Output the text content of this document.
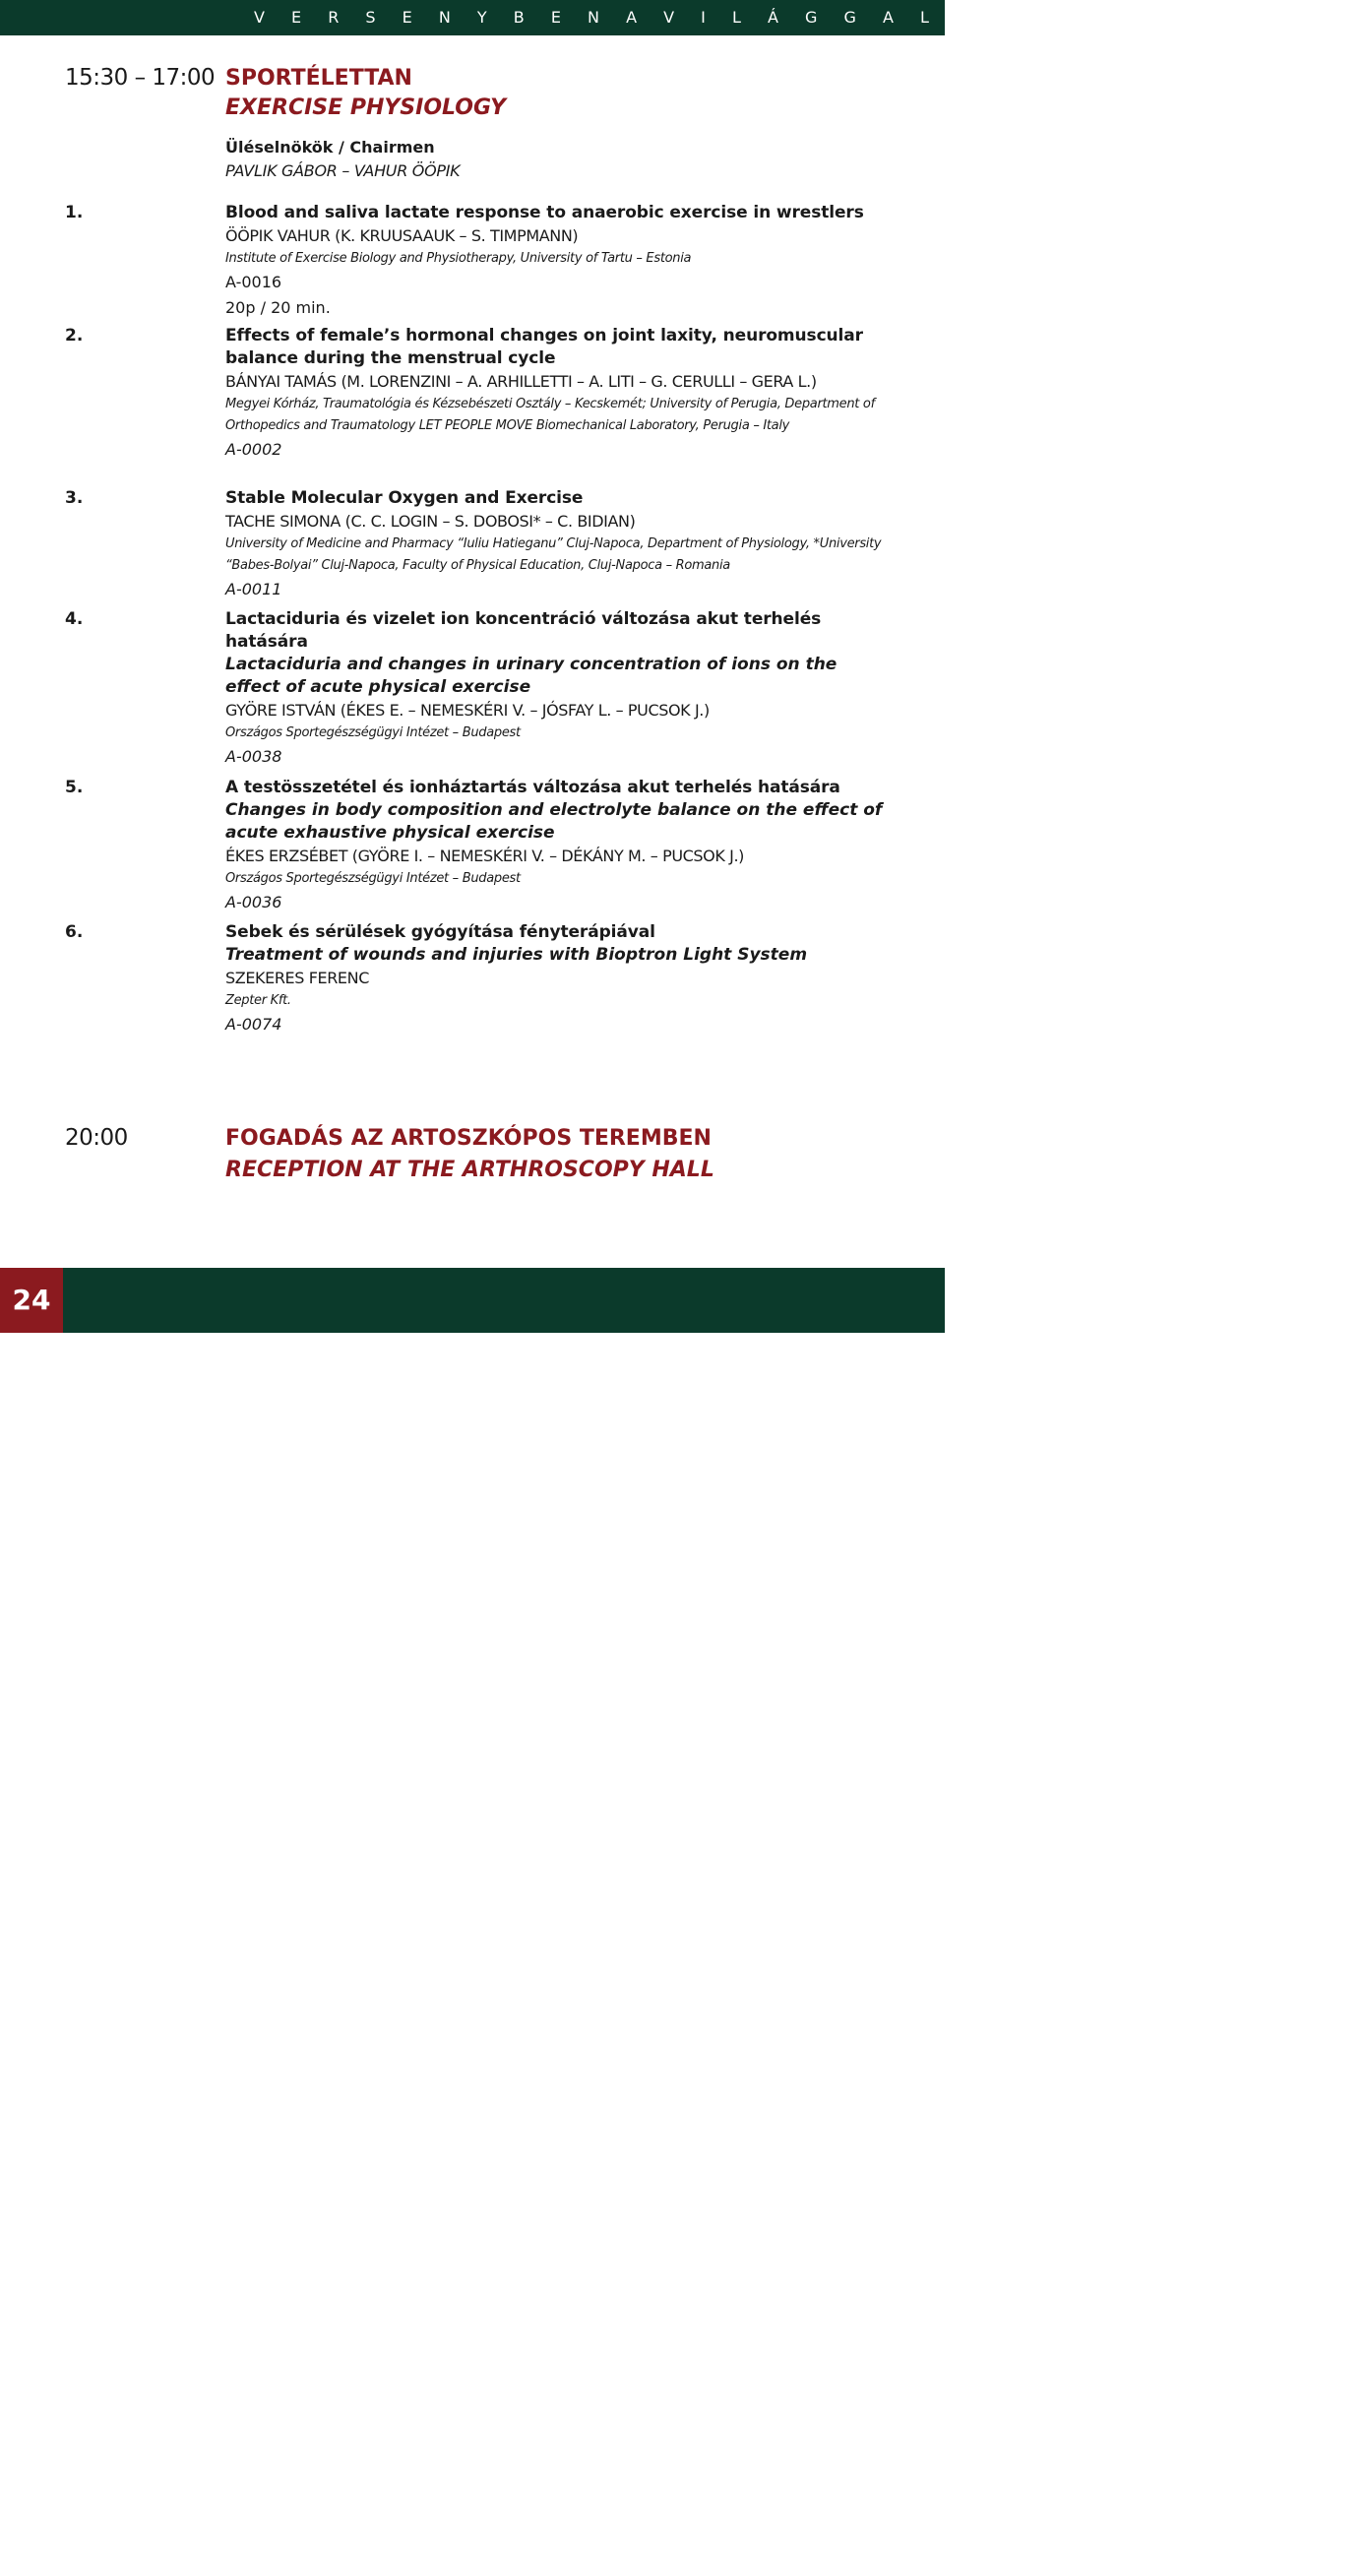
V E R S E N Y B E N A V I L Á G G A L
15:30 – 17:00 SPORTÉLETTAN
EXERCISE PHYSIOLOGY
Üléselnökök / Chairmen
PAVLIK GÁBOR – VAHUR ÖÖPIK
1.	Blood and saliva lactate response to anaerobic exercise in wrestlers

ÖÖPIK VAHUR (K. KRUUSAAUK – S. TIMPMANN)

Institute of Exercise Biology and Physiotherapy, University of Tartu – Estonia

A-0016

20p / 20 min.

2.	Effects of female’s hormonal changes on joint laxity, neuromuscular balance during the menstrual cycle

BÁNYAI TAMÁS (M. LORENZINI – A. ARHILLETTI – A. LITI – G. CERULLI – GERA L.)

Megyei Kórház, Traumatológia és Kézsebészeti Osztály – Kecskemét; University of Perugia, Department of Orthopedics and Traumatology LET PEOPLE MOVE Biomechanical Laboratory, Perugia – Italy

A-0002

3.	Stable Molecular Oxygen and Exercise

TACHE SIMONA (C. C. LOGIN – S. DOBOSI* – C. BIDIAN)

University of Medicine and Pharmacy “Iuliu Hatieganu” Cluj-Napoca, Department of Physiology, *University “Babes-Bolyai” Cluj-Napoca, Faculty of Physical Education, Cluj-Napoca – Romania

A-0011

4.	Lactaciduria és vizelet ion koncentráció változása akut terhelés hatására

Lactaciduria and changes in urinary concentration of ions on the effect of acute physical exercise

GYÖRE ISTVÁN (ÉKES E. – NEMESKÉRI V. – JÓSFAY L. – PUCSOK J.)

Országos Sportegészségügyi Intézet – Budapest

A-0038

5.	A testösszetétel és ionháztartás változása akut terhelés hatására

Changes in body composition and electrolyte balance on the effect of acute exhaustive physical exercise

ÉKES ERZSÉBET (GYÖRE I. – NEMESKÉRI V. – DÉKÁNY M. – PUCSOK J.)

Országos Sportegészségügyi Intézet – Budapest

A-0036

6.	Sebek és sérülések gyógyítása fényterápiával

Treatment of wounds and injuries with Bioptron Light System

SZEKERES FERENC

Zepter Kft.

A-0074

20:00	FOGADÁS AZ ARTOSZKÓPOS TEREMBEN
RECEPTION AT THE ARTHROSCOPY HALL
B U D A P E S T • 2 0 0 5 . S Z E P T E M B E R 3 0 - O K T Ó B E R 1 .
24
